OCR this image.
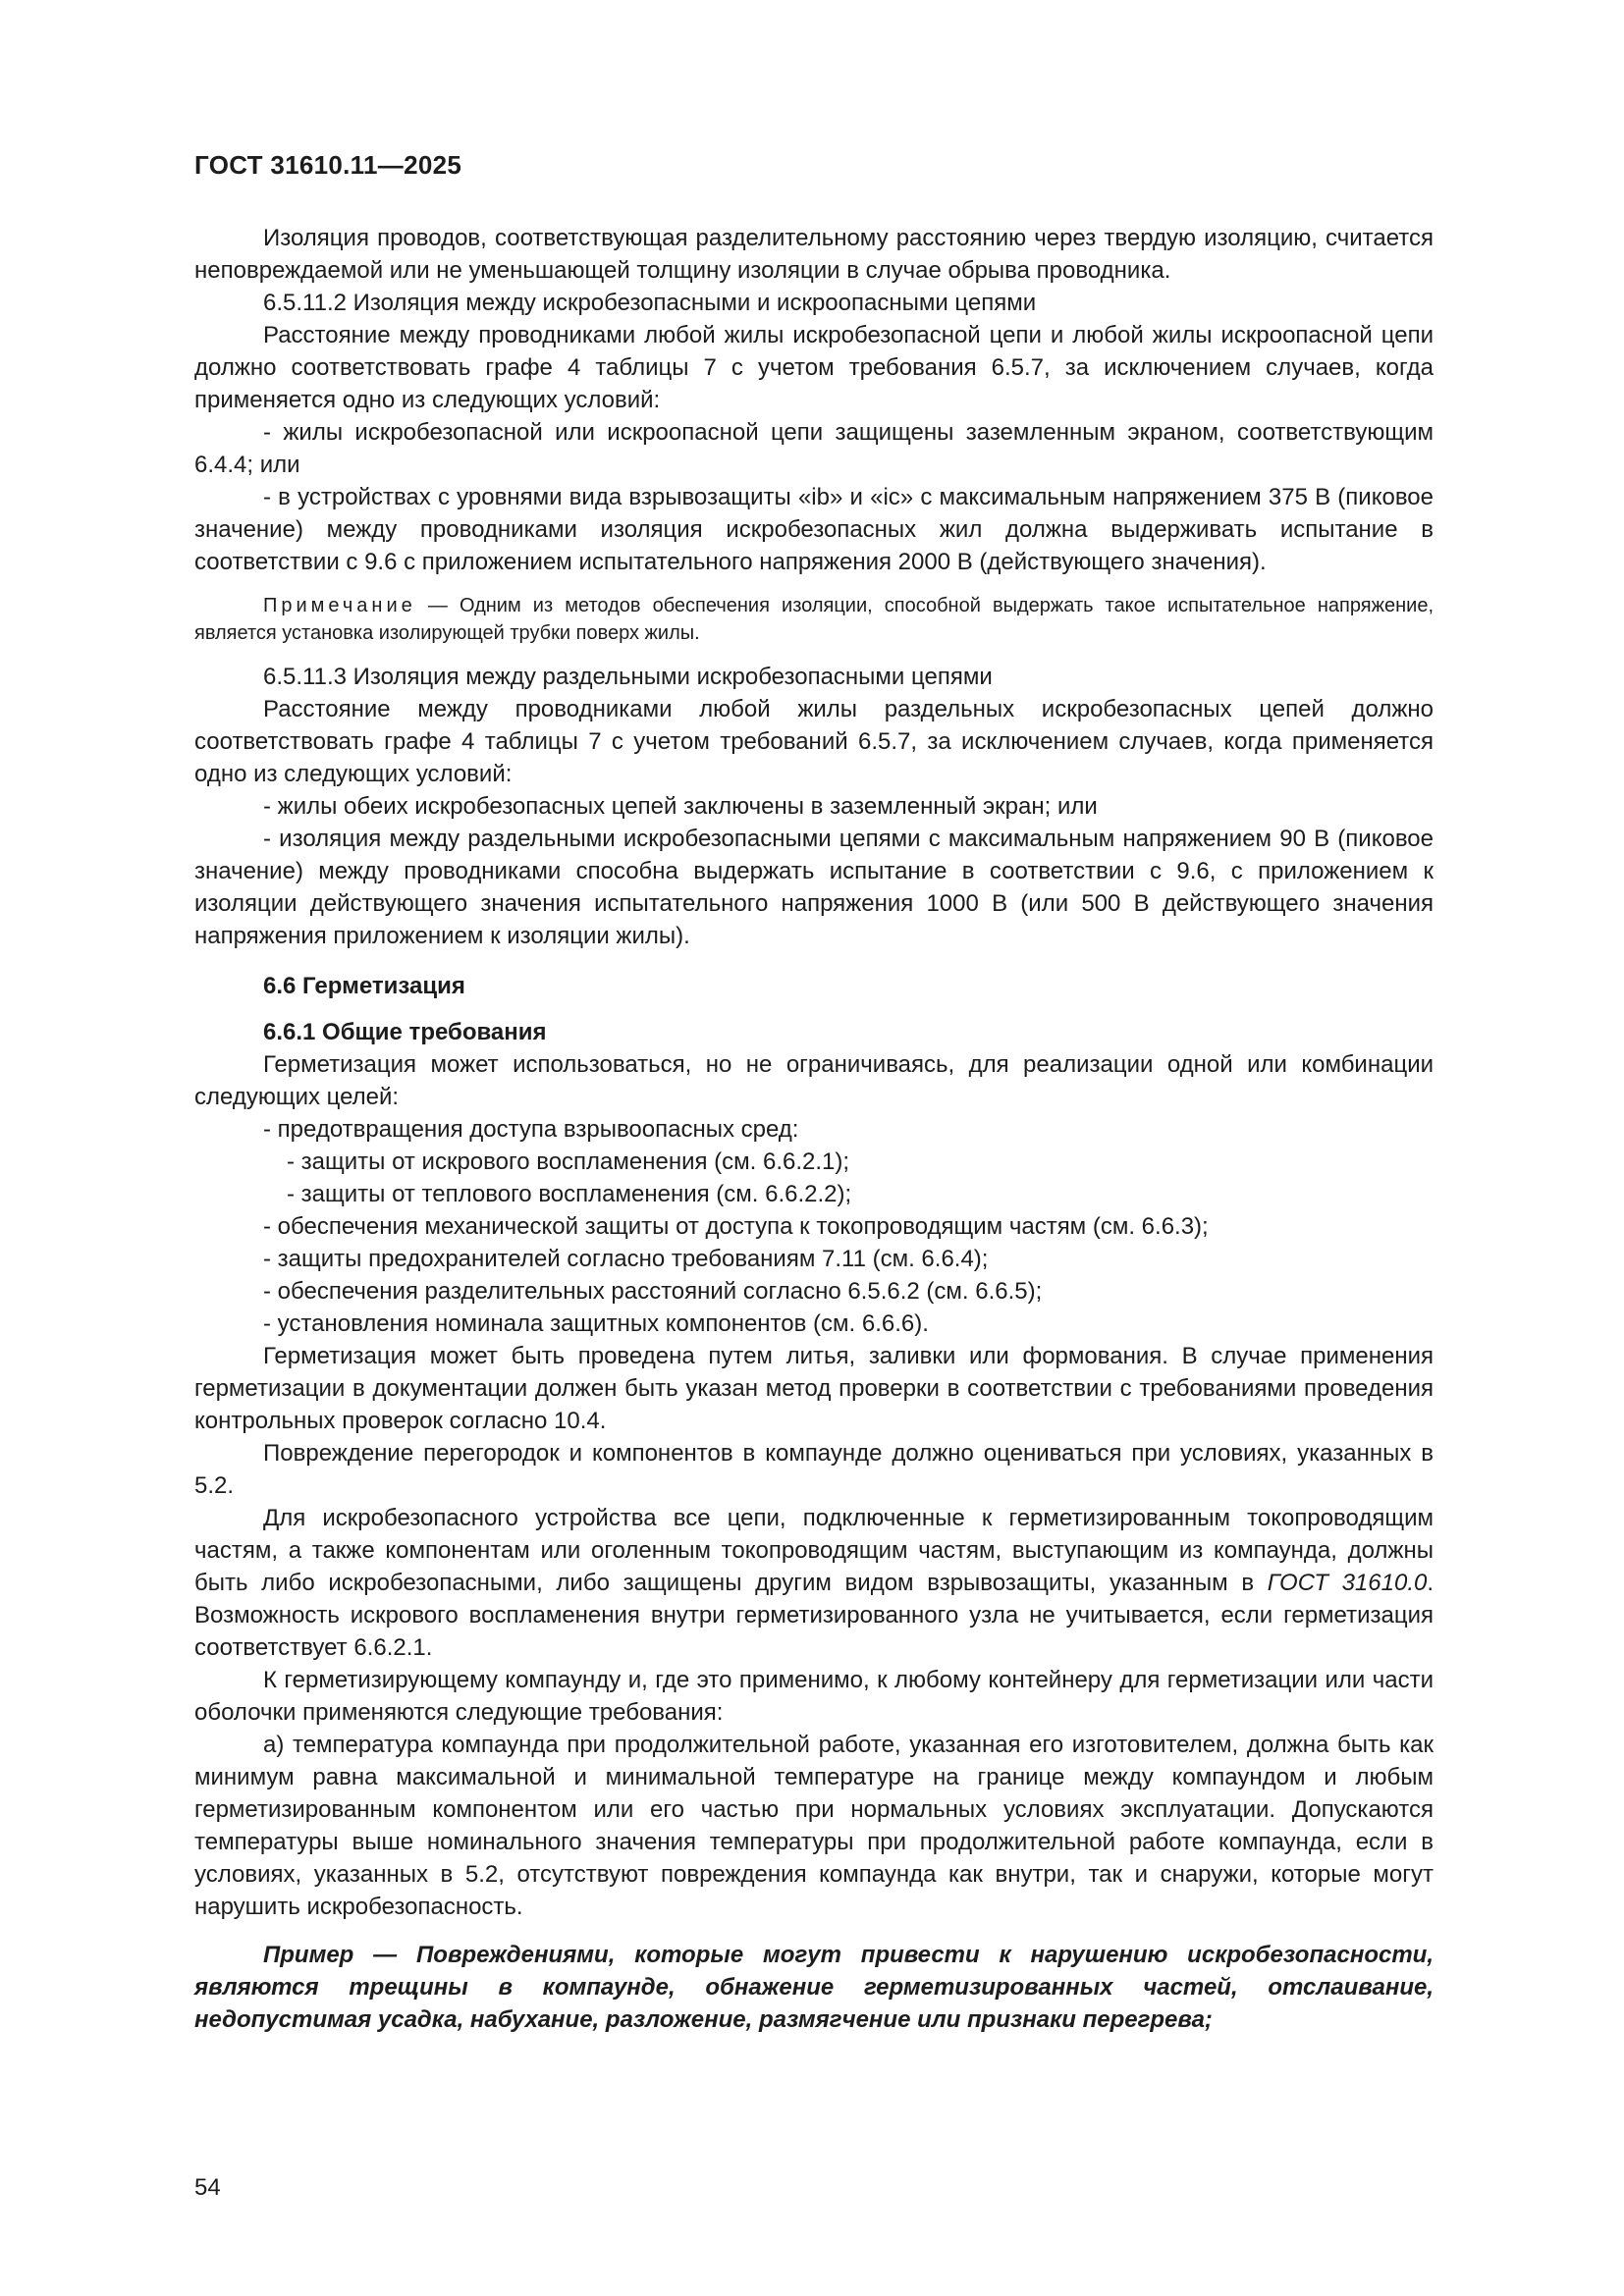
ГОСТ 31610.11—2025

Изоляция проводов, соответствующая разделительному расстоянию через твердую изоляцию, считается неповреждаемой или не уменьшающей толщину изоляции в случае обрыва проводника.

6.5.11.2 Изоляция между искробезопасными и искроопасными цепями

Расстояние между проводниками любой жилы искробезопасной цепи и любой жилы искроопасной цепи должно соответствовать графе 4 таблицы 7 с учетом требования 6.5.7, за исключением случаев, когда применяется одно из следующих условий:

- жилы искробезопасной или искроопасной цепи защищены заземленным экраном, соответствующим 6.4.4; или

- в устройствах с уровнями вида взрывозащиты «ib» и «ic» с максимальным напряжением 375 В (пиковое значение) между проводниками изоляция искробезопасных жил должна выдерживать испытание в соответствии с 9.6 с приложением испытательного напряжения 2000 В (действующего значения).

Примечание — Одним из методов обеспечения изоляции, способной выдержать такое испытательное напряжение, является установка изолирующей трубки поверх жилы.

6.5.11.3 Изоляция между раздельными искробезопасными цепями

Расстояние между проводниками любой жилы раздельных искробезопасных цепей должно соответствовать графе 4 таблицы 7 с учетом требований 6.5.7, за исключением случаев, когда применяется одно из следующих условий:

- жилы обеих искробезопасных цепей заключены в заземленный экран; или

- изоляция между раздельными искробезопасными цепями с максимальным напряжением 90 В (пиковое значение) между проводниками способна выдержать испытание в соответствии с 9.6, с приложением к изоляции действующего значения испытательного напряжения 1000 В (или 500 В действующего значения напряжения приложением к изоляции жилы).

6.6 Герметизация

6.6.1 Общие требования

Герметизация может использоваться, но не ограничиваясь, для реализации одной или комбинации следующих целей:

- предотвращения доступа взрывоопасных сред:

- защиты от искрового воспламенения (см. 6.6.2.1);

- защиты от теплового воспламенения (см. 6.6.2.2);

- обеспечения механической защиты от доступа к токопроводящим частям (см. 6.6.3);

- защиты предохранителей согласно требованиям 7.11 (см. 6.6.4);

- обеспечения разделительных расстояний согласно 6.5.6.2 (см. 6.6.5);

- установления номинала защитных компонентов (см. 6.6.6).

Герметизация может быть проведена путем литья, заливки или формования. В случае применения герметизации в документации должен быть указан метод проверки в соответствии с требованиями проведения контрольных проверок согласно 10.4.

Повреждение перегородок и компонентов в компаунде должно оцениваться при условиях, указанных в 5.2.

Для искробезопасного устройства все цепи, подключенные к герметизированным токопроводящим частям, а также компонентам или оголенным токопроводящим частям, выступающим из компаунда, должны быть либо искробезопасными, либо защищены другим видом взрывозащиты, указанным в ГОСТ 31610.0. Возможность искрового воспламенения внутри герметизированного узла не учитывается, если герметизация соответствует 6.6.2.1.

К герметизирующему компаунду и, где это применимо, к любому контейнеру для герметизации или части оболочки применяются следующие требования:

а) температура компаунда при продолжительной работе, указанная его изготовителем, должна быть как минимум равна максимальной и минимальной температуре на границе между компаундом и любым герметизированным компонентом или его частью при нормальных условиях эксплуатации. Допускаются температуры выше номинального значения температуры при продолжительной работе компаунда, если в условиях, указанных в 5.2, отсутствуют повреждения компаунда как внутри, так и снаружи, которые могут нарушить искробезопасность.

Пример — Повреждениями, которые могут привести к нарушению искробезопасности, являются трещины в компаунде, обнажение герметизированных частей, отслаивание, недопустимая усадка, набухание, разложение, размягчение или признаки перегрева;

54
